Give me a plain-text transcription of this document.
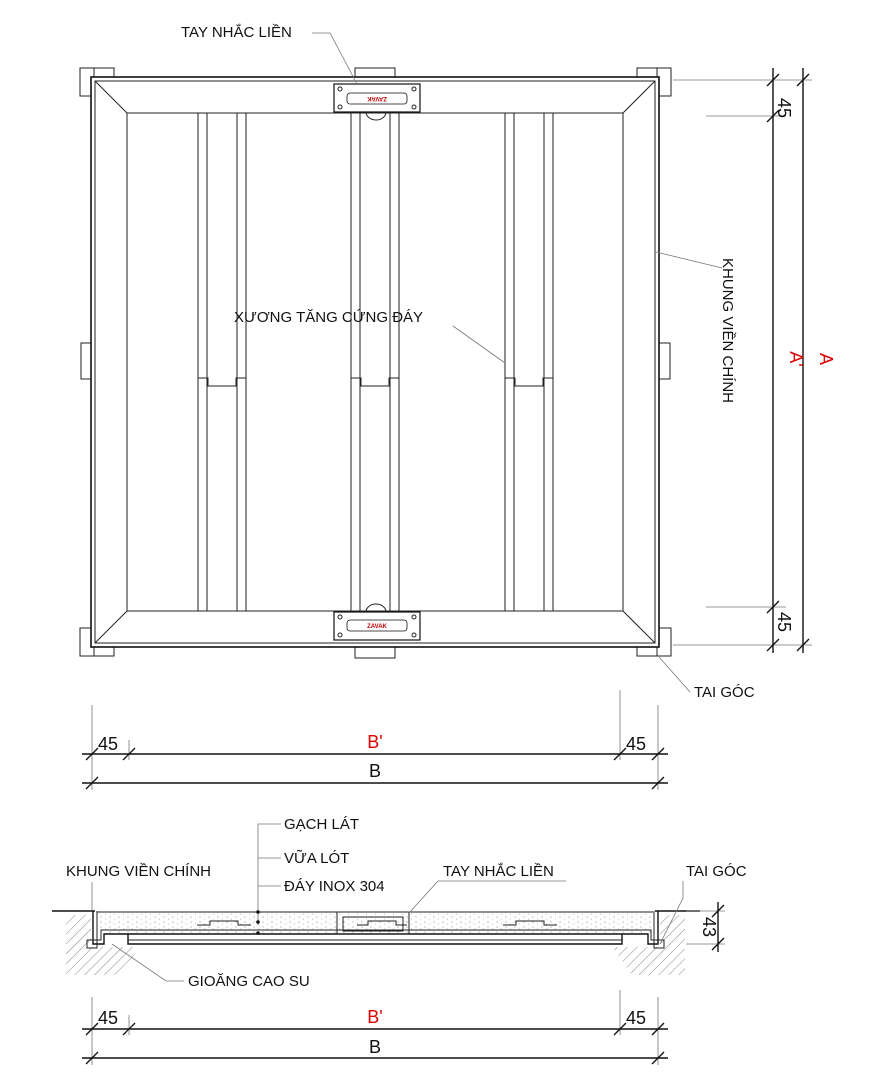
ZAVAK
ZAVAK
TAY NHẮC LIỀN
XƯƠNG TĂNG CỨNG ĐÁY	KHUNG VIỀN CHÍNH
TAI GÓC
45
45
A' A
45	45
B'
B
GẠCH LÁT
VỮA LÓT
ĐÁY INOX 304
KHUNG VIỀN CHÍNH	TAY NHẮC LIỀN	TAI GÓC
GIOĂNG CAO SU
43
45	45
B'
B
